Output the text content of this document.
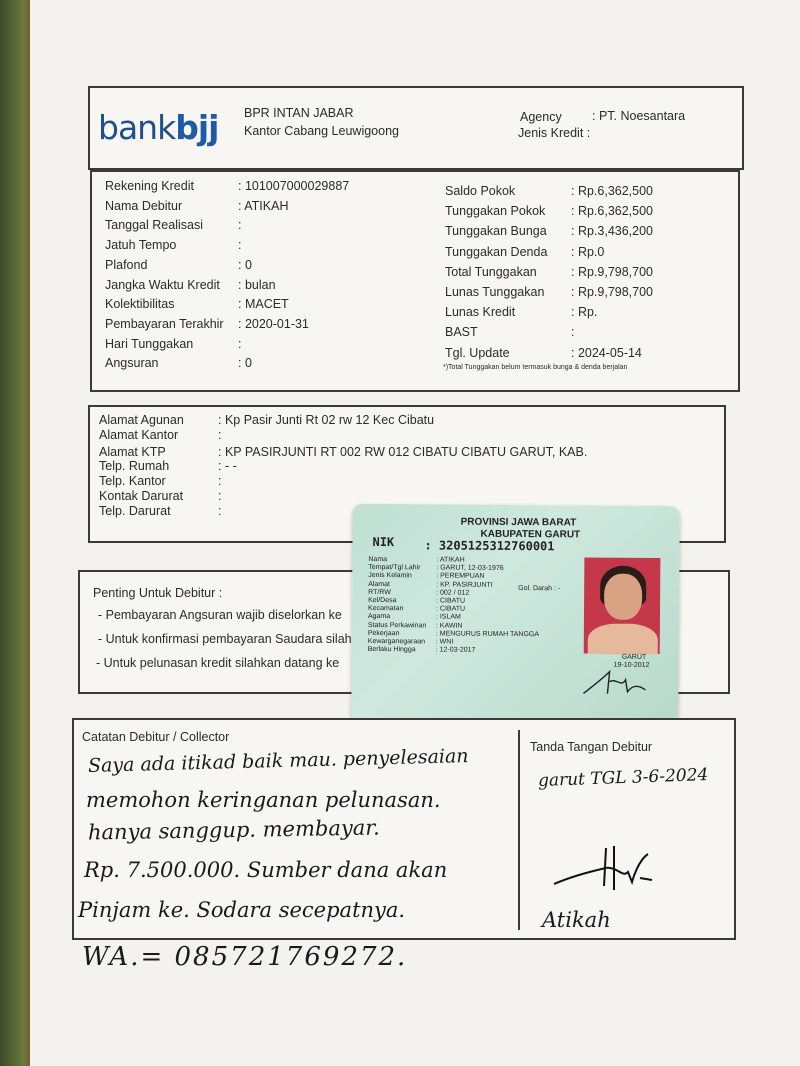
bankbjj BPR INTAN JABAR
Kantor Cabang Leuwigoong
Agency : PT. Noesantara
Jenis Kredit :
Rekening Kredit	: 101007000029887
Nama Debitur	: ATIKAH
Tanggal Realisasi	:
Jatuh Tempo	:
Plafond	: 0
Jangka Waktu Kredit : bulan
Kolektibilitas	: MACET
Pembayaran Terakhir : 2020-01-31
Hari Tunggakan	:
Angsuran	: 0
Saldo Pokok	: Rp.6,362,500
Tunggakan Pokok : Rp.6,362,500
Tunggakan Bunga : Rp.3,436,200
Tunggakan Denda : Rp.0
Total Tunggakan	: Rp.9,798,700
Lunas Tunggakan : Rp.9,798,700
Lunas Kredit	: Rp.
BAST	:
Tgl. Update	: 2024-05-14
*)Total Tunggakan belum termasuk bunga & denda berjalan
Alamat Agunan	: Kp Pasir Junti Rt 02 rw 12 Kec Cibatu
Alamat Kantor	:
Alamat KTP	: KP PASIRJUNTI RT 002 RW 012 CIBATU CIBATU GARUT, KAB.
Telp. Rumah	: - -
Telp. Kantor	:
Kontak Darurat	:
Telp. Darurat	:
Penting Untuk Debitur :
- Pembayaran Angsuran wajib diselorkan ke
- Untuk konfirmasi pembayaran Saudara silah
- Untuk pelunasan kredit silahkan datang ke
PROVINSI JAWA BARAT
KABUPATEN GARUT
NIK	: 3205125312760001
Nama	: ATIKAH
Tempat/Tgl Lahir : GARUT, 12-03-1976
Jenis Kelamin	: PEREMPUAN
Alamat	: KP. PASIRJUNTI
RT/RW	: 002 / 012
Kel/Desa	: CIBATU
Kecamatan	: CIBATU
Agama	: ISLAM
Status Perkawinan : KAWIN
Pekerjaan	: MENGURUS RUMAH TANGGA
Kewarganegaraan : WNI
Berlaku Hingga	: 12-03-2017
Gol. Darah : -
GARUT
19-10-2012
Catatan Debitur / Collector
Tanda Tangan Debitur
Saya ada itikad baik mau. penyelesaian
memohon keringanan pelunasan.
hanya sanggup. membayar.
Rp. 7.500.000. Sumber dana akan
Pinjam ke. Sodara secepatnya.
WA.= 085721769272.
garut TGL 3-6-2024
Atikah
